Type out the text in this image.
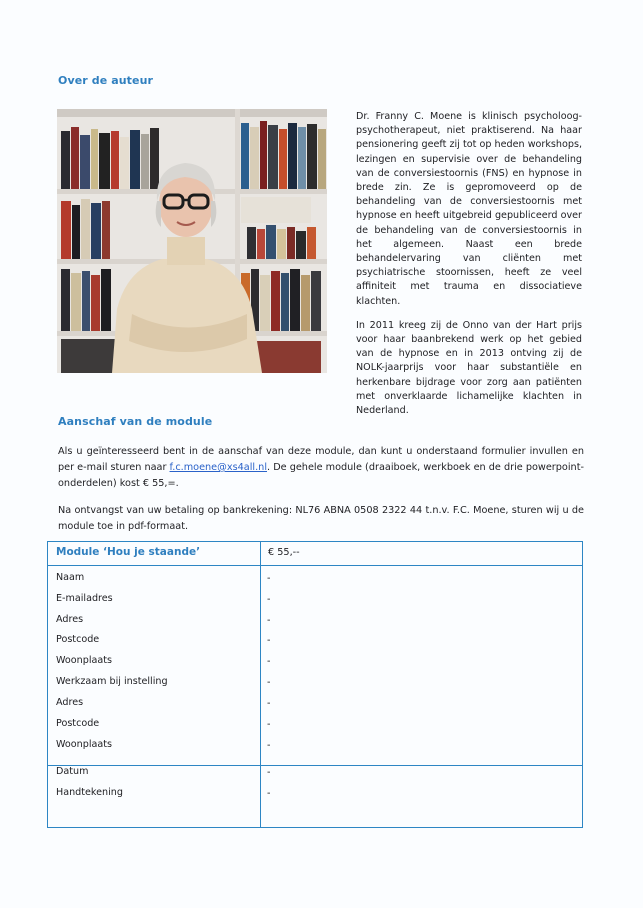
Over de auteur

Dr. Franny C. Moene is klinisch psycholoog-psychotherapeut, niet praktiserend. Na haar pensionering geeft zij tot op heden workshops, lezingen en supervisie over de behandeling van de conversiestoornis (FNS) en hypnose in brede zin. Ze is gepromoveerd op de behandeling van de conversiestoornis met hypnose en heeft uitgebreid gepubliceerd over de behandeling van de conversiestoornis in het algemeen. Naast een brede behandelervaring van cliënten met psychiatrische stoornissen, heeft ze veel affiniteit met trauma en dissociatieve klachten.

In 2011 kreeg zij de Onno van der Hart prijs voor haar baanbrekend werk op het gebied van de hypnose en in 2013 ontving zij de NOLK-jaarprijs voor haar substantiële en herkenbare bijdrage voor zorg aan patiënten met onverklaarde lichamelijke klachten in Nederland.

Aanschaf van de module
Als u geïnteresseerd bent in de aanschaf van deze module, dan kunt u onderstaand formulier invullen en per e-mail sturen naar f.c.moene@xs4all.nl. De gehele module (draaiboek, werkboek en de drie powerpoint-onderdelen) kost € 55,=.
Na ontvangst van uw betaling op bankrekening: NL76 ABNA 0508 2322 44 t.n.v. F.C. Moene, sturen wij u de module toe in pdf-formaat.
Module ‘Hou je staande’	€ 55,--
Naam	-
E-mailadres	-
Adres	-
Postcode	-
Woonplaats	-
Werkzaam bij instelling	-
Adres	-
Postcode	-
Woonplaats	-
Datum	-
Handtekening	-
